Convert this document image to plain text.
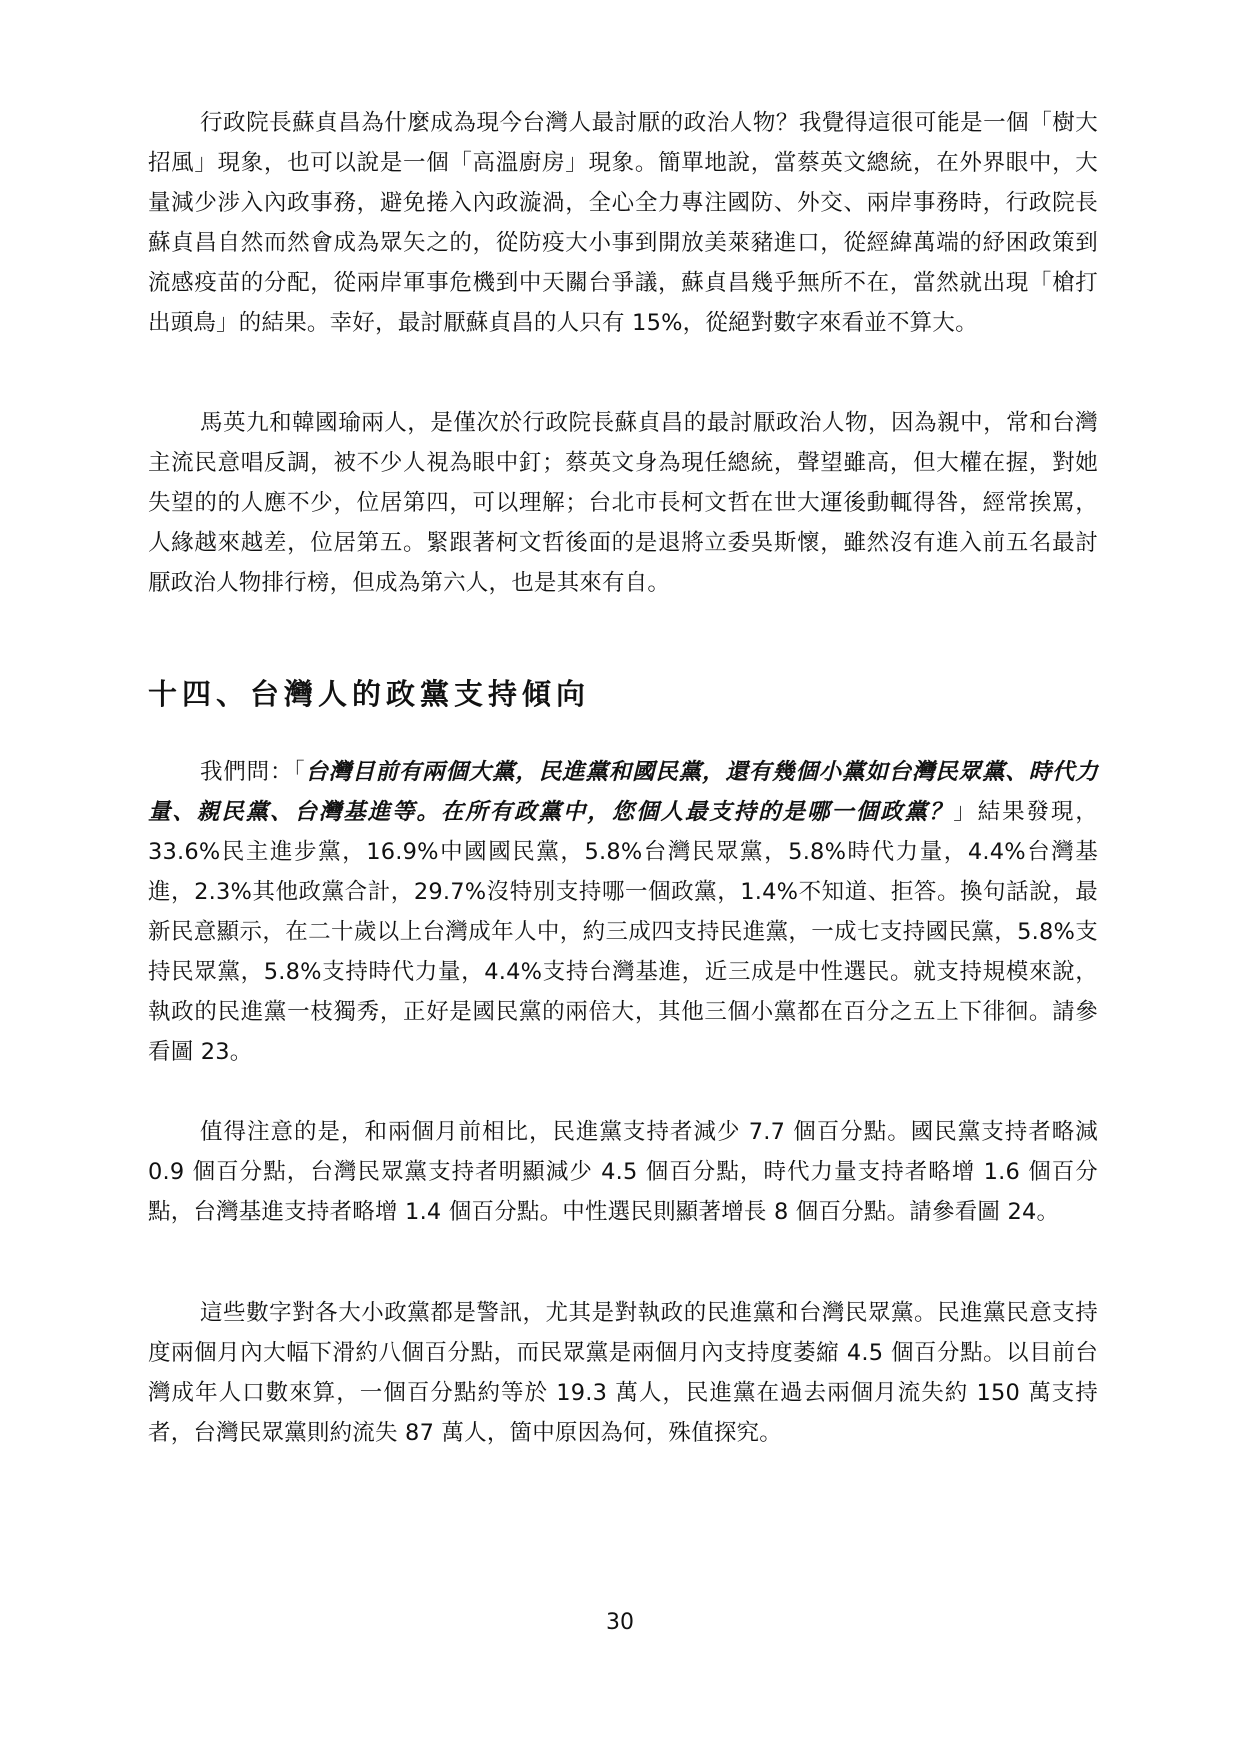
行政院長蘇貞昌為什麼成為現今台灣人最討厭的政治人物？我覺得這很可能是一個「樹大招風」現象，也可以說是一個「高溫廚房」現象。簡單地說，當蔡英文總統，在外界眼中，大量減少涉入內政事務，避免捲入內政漩渦，全心全力專注國防、外交、兩岸事務時，行政院長蘇貞昌自然而然會成為眾矢之的，從防疫大小事到開放美萊豬進口，從經緯萬端的紓困政策到流感疫苗的分配，從兩岸軍事危機到中天關台爭議，蘇貞昌幾乎無所不在，當然就出現「槍打出頭鳥」的結果。幸好，最討厭蘇貞昌的人只有 15%，從絕對數字來看並不算大。

馬英九和韓國瑜兩人，是僅次於行政院長蘇貞昌的最討厭政治人物，因為親中，常和台灣主流民意唱反調，被不少人視為眼中釘；蔡英文身為現任總統，聲望雖高，但大權在握，對她失望的的人應不少，位居第四，可以理解；台北市長柯文哲在世大運後動輒得咎，經常挨罵，人緣越來越差，位居第五。緊跟著柯文哲後面的是退將立委吳斯懷，雖然沒有進入前五名最討厭政治人物排行榜，但成為第六人，也是其來有自。

十四、台灣人的政黨支持傾向

我們問：「台灣目前有兩個大黨，民進黨和國民黨，還有幾個小黨如台灣民眾黨、時代力量、親民黨、台灣基進等。在所有政黨中，您個人最支持的是哪一個政黨？」結果發現，33.6%民主進步黨，16.9%中國國民黨，5.8%台灣民眾黨，5.8%時代力量，4.4%台灣基進，2.3%其他政黨合計，29.7%沒特別支持哪一個政黨，1.4%不知道、拒答。換句話說，最新民意顯示，在二十歲以上台灣成年人中，約三成四支持民進黨，一成七支持國民黨，5.8%支持民眾黨，5.8%支持時代力量，4.4%支持台灣基進，近三成是中性選民。就支持規模來說，執政的民進黨一枝獨秀，正好是國民黨的兩倍大，其他三個小黨都在百分之五上下徘徊。請參看圖 23。

值得注意的是，和兩個月前相比，民進黨支持者減少 7.7 個百分點。國民黨支持者略減 0.9 個百分點，台灣民眾黨支持者明顯減少 4.5 個百分點，時代力量支持者略增 1.6 個百分點，台灣基進支持者略增 1.4 個百分點。中性選民則顯著增長 8 個百分點。請參看圖 24。

這些數字對各大小政黨都是警訊，尤其是對執政的民進黨和台灣民眾黨。民進黨民意支持度兩個月內大幅下滑約八個百分點，而民眾黨是兩個月內支持度萎縮 4.5 個百分點。以目前台灣成年人口數來算，一個百分點約等於 19.3 萬人，民進黨在過去兩個月流失約 150 萬支持者，台灣民眾黨則約流失 87 萬人，箇中原因為何，殊值探究。

30
